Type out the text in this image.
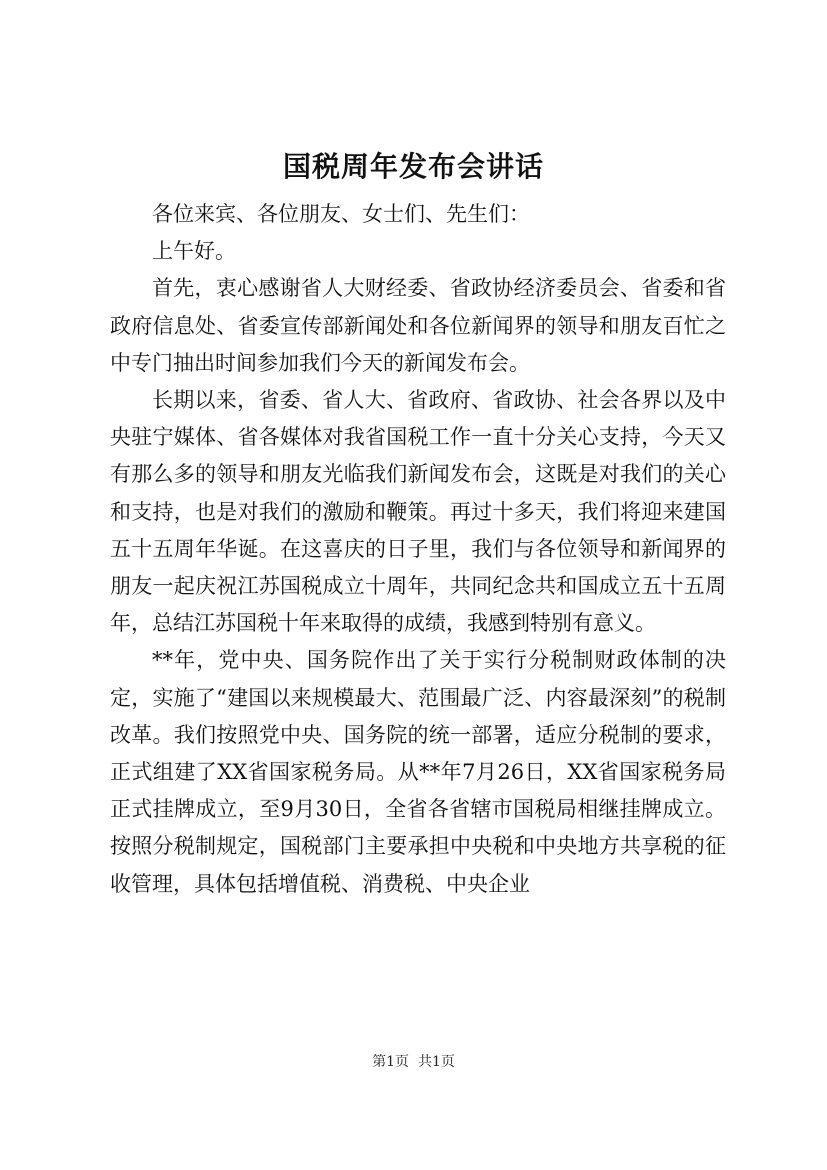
国税周年发布会讲话

各位来宾、各位朋友、女士们、先生们：

上午好。

首先，衷心感谢省人大财经委、省政协经济委员会、省委和省政府信息处、省委宣传部新闻处和各位新闻界的领导和朋友百忙之中专门抽出时间参加我们今天的新闻发布会。

长期以来，省委、省人大、省政府、省政协、社会各界以及中央驻宁媒体、省各媒体对我省国税工作一直十分关心支持，今天又有那么多的领导和朋友光临我们新闻发布会，这既是对我们的关心和支持，也是对我们的激励和鞭策。再过十多天，我们将迎来建国五十五周年华诞。在这喜庆的日子里，我们与各位领导和新闻界的朋友一起庆祝江苏国税成立十周年，共同纪念共和国成立五十五周年，总结江苏国税十年来取得的成绩，我感到特别有意义。

**年，党中央、国务院作出了关于实行分税制财政体制的决定，实施了“建国以来规模最大、范围最广泛、内容最深刻”的税制改革。我们按照党中央、国务院的统一部署，适应分税制的要求，正式组建了XX省国家税务局。从**年7月26日，XX省国家税务局正式挂牌成立，至9月30日，全省各省辖市国税局相继挂牌成立。按照分税制规定，国税部门主要承担中央税和中央地方共享税的征收管理，具体包括增值税、消费税、中央企业

第1页  共1页
